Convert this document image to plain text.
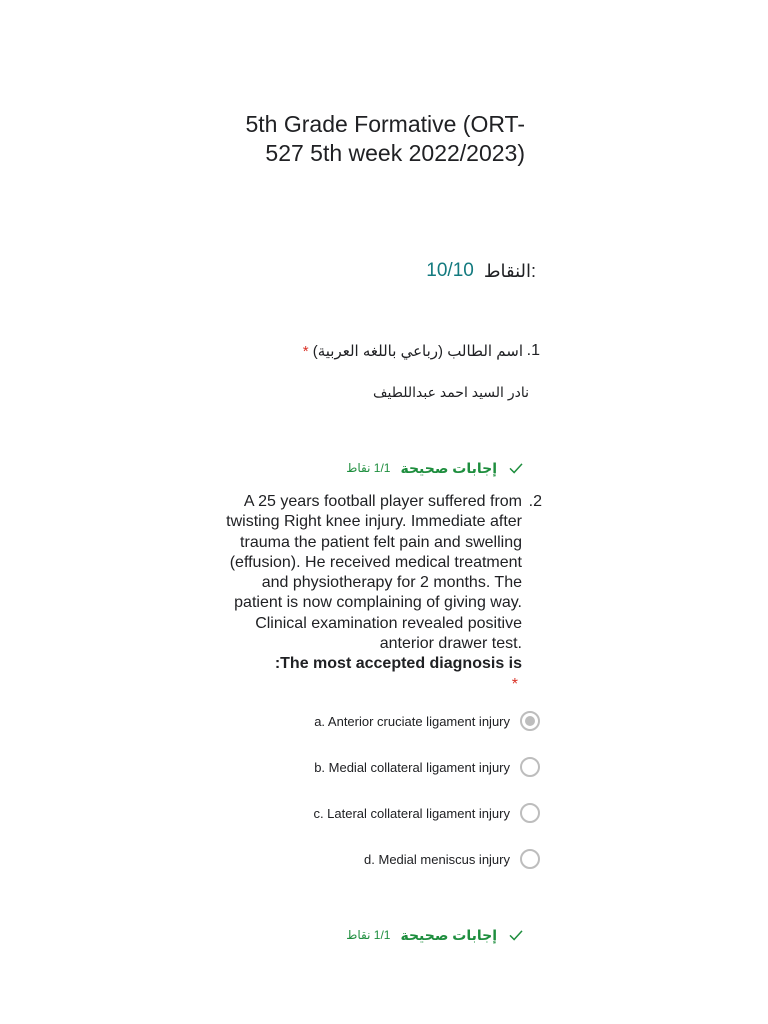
5th Grade Formative (ORT-527 5th week 2022/2023)
النقاط:
10/10
.1
اسم الطالب (رباعي باللغه العربية) *
نادر السيد احمد عبداللطيف
إجابات صحيحة
1/1 نقاط
.2
A 25 years football player suffered from twisting Right knee injury. Immediate after trauma the patient felt pain and swelling (effusion). He received medical treatment and physiotherapy for 2 months. The patient is now complaining of giving way. Clinical examination revealed positive anterior drawer test.
The most accepted diagnosis is:
*
a. Anterior cruciate ligament injury
b. Medial collateral ligament injury
c. Lateral collateral ligament injury
d. Medial meniscus injury
إجابات صحيحة
1/1 نقاط
